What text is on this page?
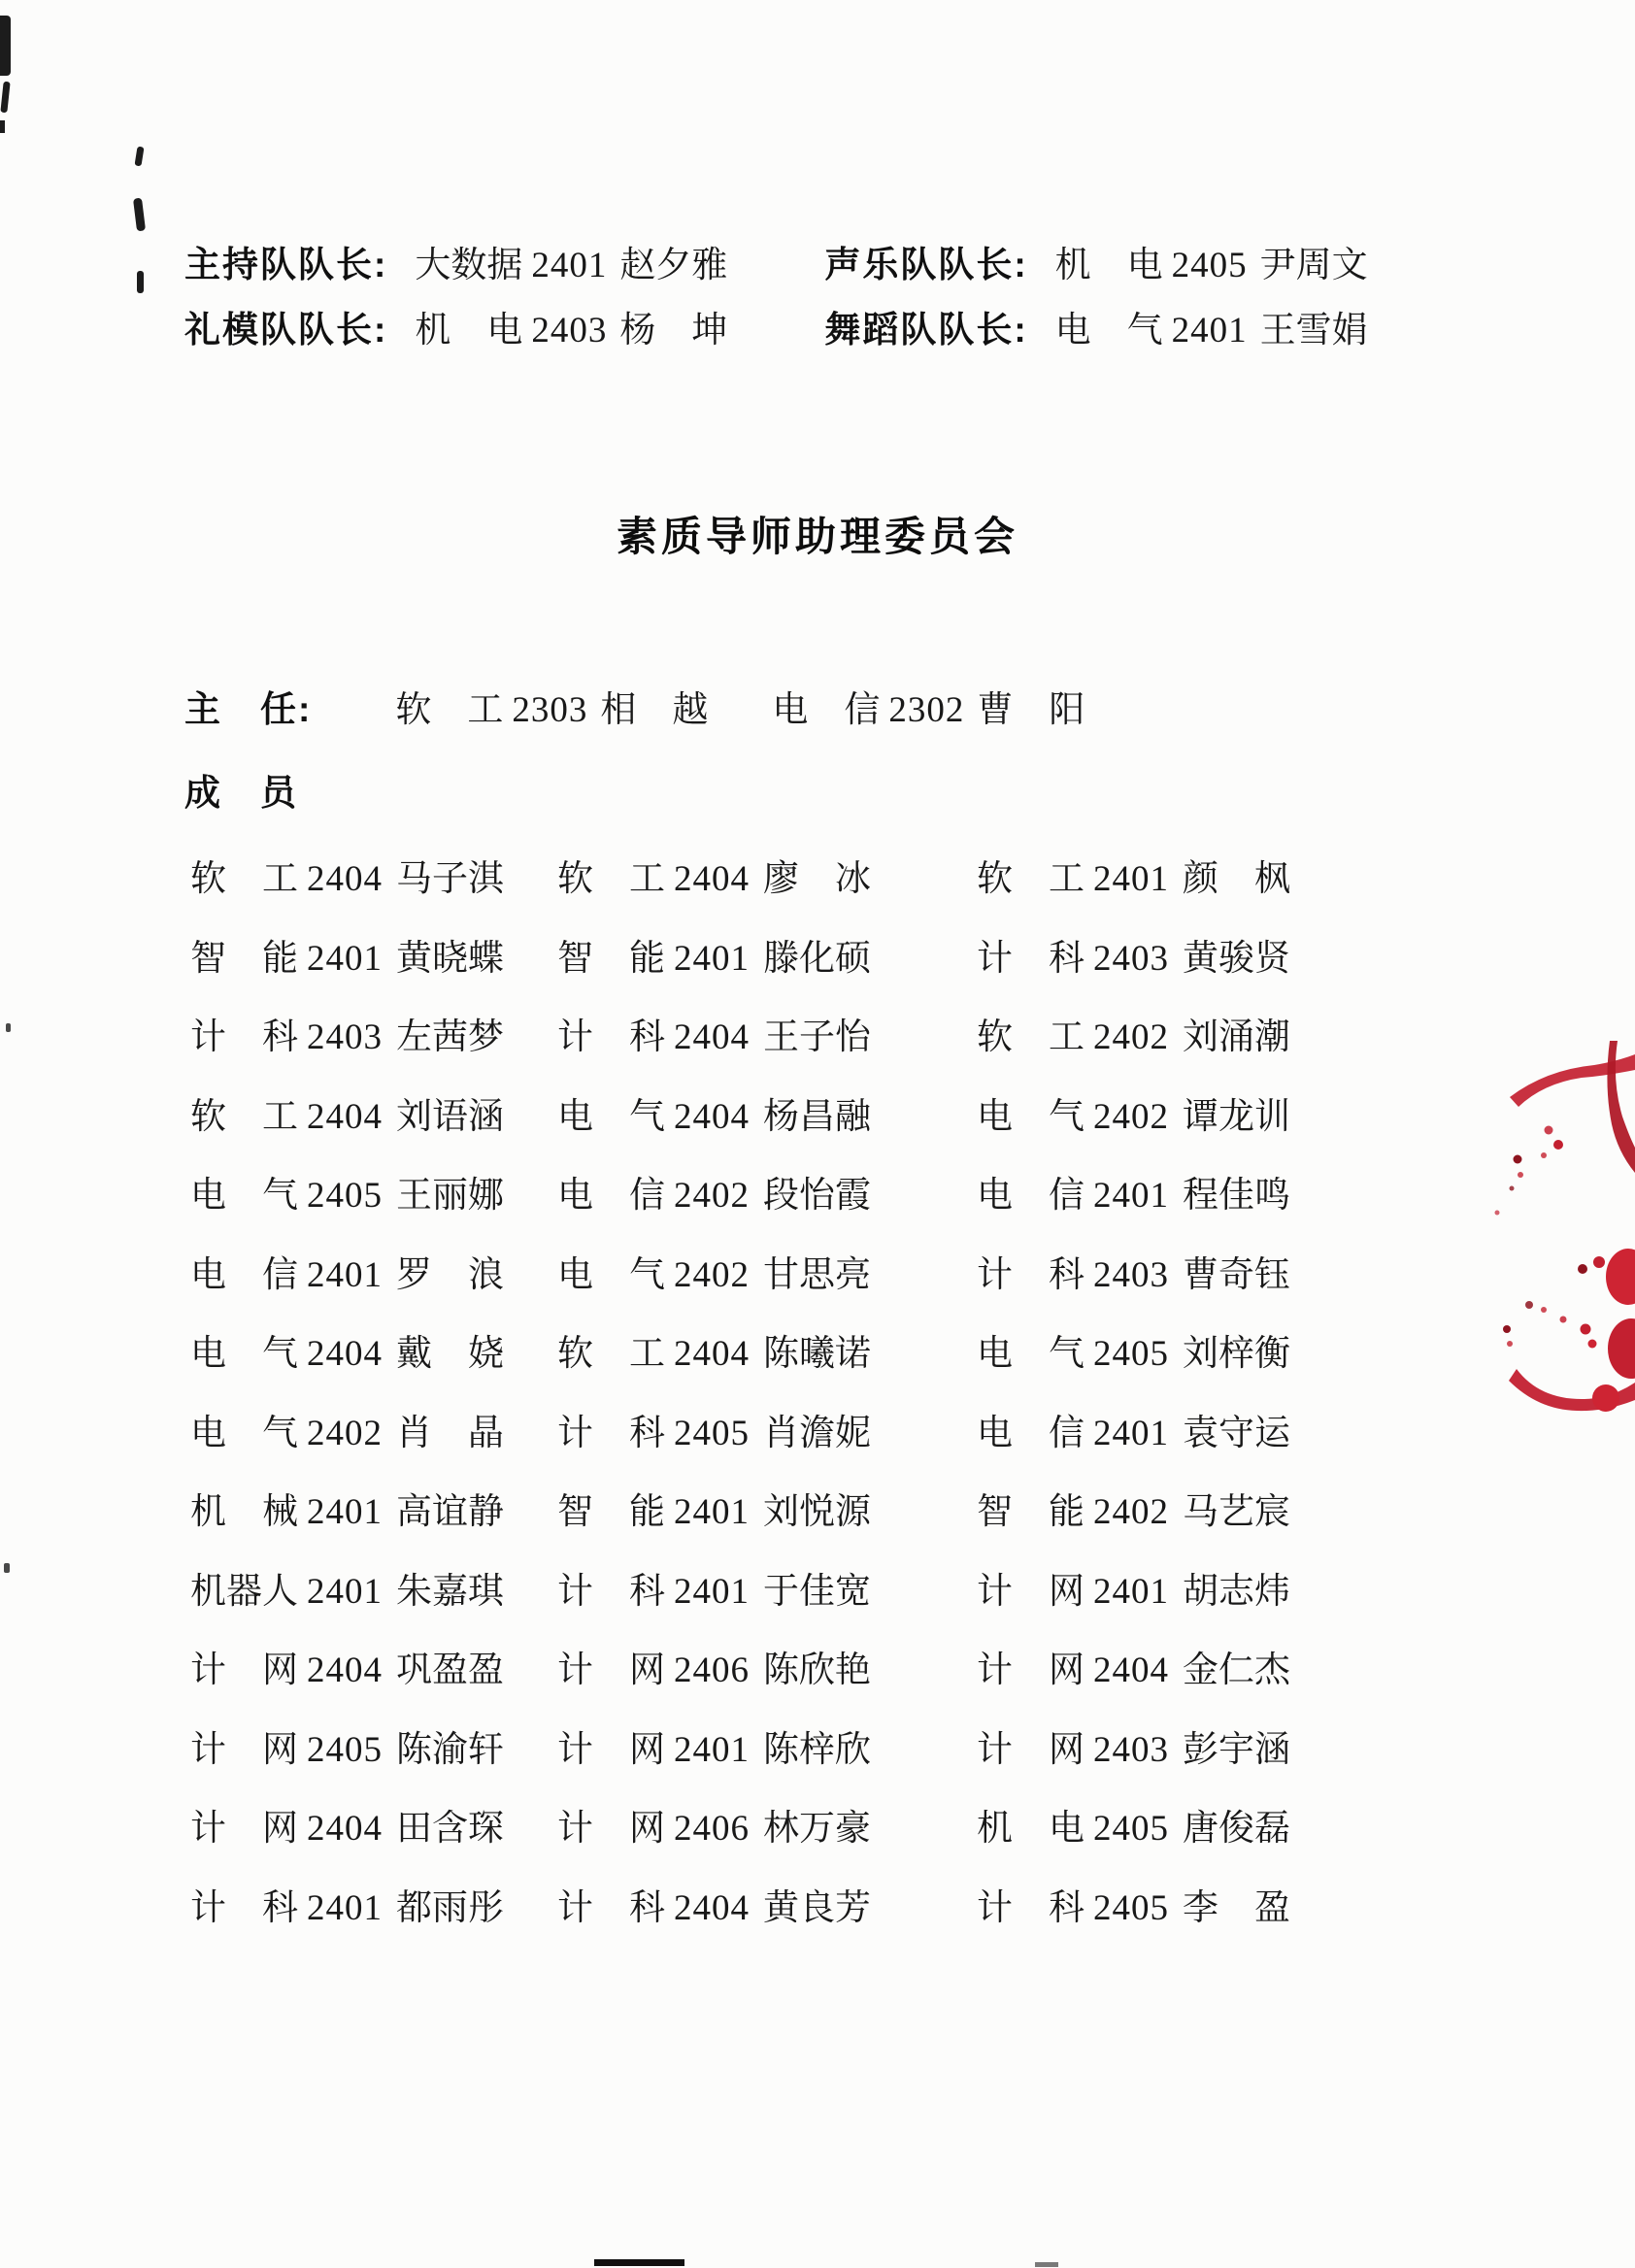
主持队队长: 大数据 2401 赵夕雅	声乐队队长: 机　电 2405 尹周文
礼模队队长: 机　电 2403 杨　坤	舞蹈队队长: 电　气 2401 王雪娟
素质导师助理委员会
主　任: 软　工 2303 相　越 电　信 2302 曹　阳
成　员
软　工 2404 马子淇	软　工 2404 廖　冰	软　工 2401 颜　枫
智　能 2401 黄晓蝶	智　能 2401 滕化硕	计　科 2403 黄骏贤
计　科 2403 左茜梦	计　科 2404 王子怡	软　工 2402 刘涌潮
软　工 2404 刘语涵	电　气 2404 杨昌融	电　气 2402 谭龙训
电　气 2405 王丽娜	电　信 2402 段怡霞	电　信 2401 程佳鸣
电　信 2401 罗　浪	电　气 2402 甘思亮	计　科 2403 曹奇钰
电　气 2404 戴　娆	软　工 2404 陈曦诺	电　气 2405 刘梓衡
电　气 2402 肖　晶	计　科 2405 肖澹妮	电　信 2401 袁守运
机　械 2401 高谊静	智　能 2401 刘悦源	智　能 2402 马艺宸
机器人 2401 朱嘉琪	计　科 2401 于佳宽	计　网 2401 胡志炜
计　网 2404 巩盈盈	计　网 2406 陈欣艳	计　网 2404 金仁杰
计　网 2405 陈渝轩	计　网 2401 陈梓欣	计　网 2403 彭宇涵
计　网 2404 田含琛	计　网 2406 林万豪	机　电 2405 唐俊磊
计　科 2401 都雨彤	计　科 2404 黄良芳	计　科 2405 李　盈
